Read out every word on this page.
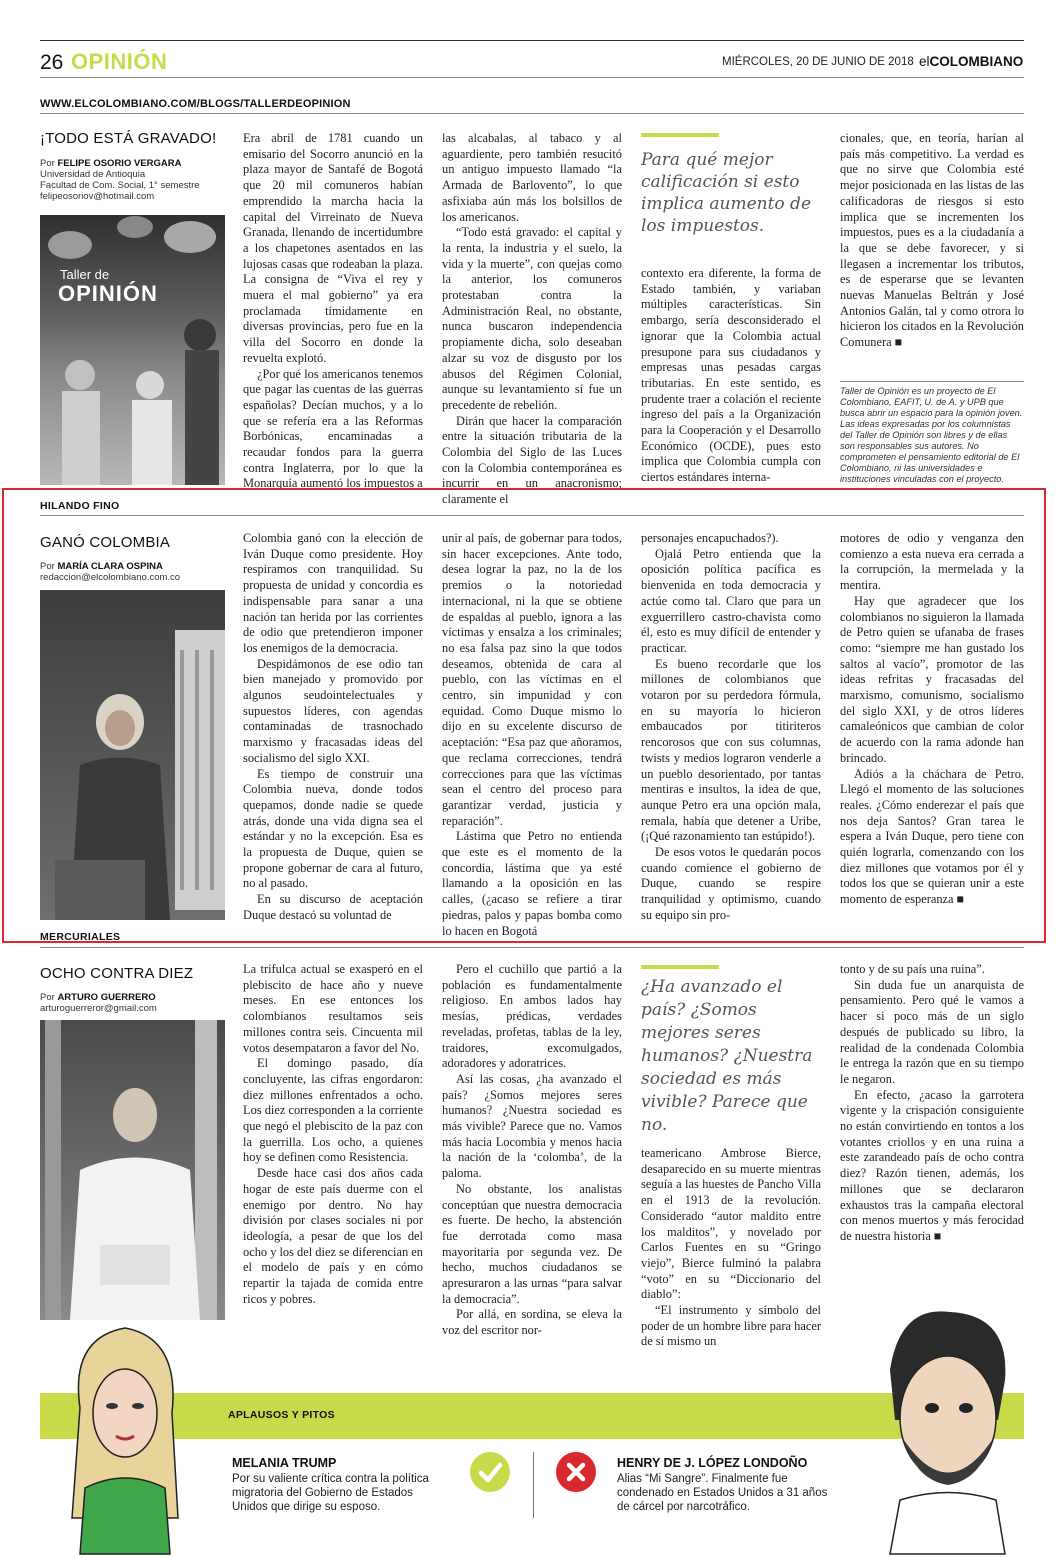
26 OPINIÓN	MIÉRCOLES, 20 DE JUNIO DE 2018 elCOLOMBIANO
WWW.ELCOLOMBIANO.COM/BLOGS/TALLERDEOPINION
¡TODO ESTÁ GRAVADO!
Por FELIPE OSORIO VERGARA
Universidad de Antioquia
Facultad de Com. Social, 1° semestre
felipeosoriov@hotmail.com
Taller de
OPINIÓN

Era abril de 1781 cuando un emisario del Socorro anunció en la plaza mayor de Santafé de Bogotá que 20 mil comuneros habían emprendido la marcha hacia la capital del Virreinato de Nueva Granada, llenando de incertidumbre a los chapetones asentados en las lujosas casas que rodeaban la plaza. La consigna de “Viva el rey y muera el mal gobierno” ya era proclamada tímidamente en diversas provincias, pero fue en la villa del Socorro en donde la revuelta explotó.

¿Por qué los americanos tenemos que pagar las cuentas de las guerras españolas? Decían muchos, y a lo que se refería era a las Reformas Borbónicas, encaminadas a recaudar fondos para la guerra contra Inglaterra, por lo que la Monarquía aumentó los impuestos a

las alcabalas, al tabaco y al aguardiente, pero también resucitó un antiguo impuesto llamado “la Armada de Barlovento”, lo que asfixiaba aún más los bolsillos de los americanos.

“Todo está gravado: el capital y la renta, la industria y el suelo, la vida y la muerte”, con quejas como la anterior, los comuneros protestaban contra la Administración Real, no obstante, nunca buscaron independencia propiamente dicha, solo deseaban alzar su voz de disgusto por los abusos del Régimen Colonial, aunque su levantamiento sí fue un precedente de rebelión.

Dirán que hacer la comparación entre la situación tributaria de la Colombia del Siglo de las Luces con la Colombia contemporánea es incurrir en un anacronismo; claramente el

Para qué mejor calificación si esto implica aumento de los impuestos.

contexto era diferente, la forma de Estado también, y variaban múltiples características. Sin embargo, sería desconsiderado el ignorar que la Colombia actual presupone para sus ciudadanos y empresas unas pesadas cargas tributarias. En este sentido, es prudente traer a colación el reciente ingreso del país a la Organización para la Cooperación y el Desarrollo Económico (OCDE), pues esto implica que Colombia cumpla con ciertos estándares interna-

cionales, que, en teoría, harían al país más competitivo. La verdad es que no sirve que Colombia esté mejor posicionada en las listas de las calificadoras de riesgos si esto implica que se incrementen los impuestos, pues es a la ciudadanía a la que se debe favorecer, y si llegasen a incrementar los tributos, es de esperarse que se levanten nuevas Manuelas Beltrán y José Antonios Galán, tal y como otrora lo hicieron los citados en la Revolución Comunera ■

Taller de Opinión es un proyecto de El Colombiano, EAFIT, U. de A. y UPB que busca abrir un espacio para la opinión joven. Las ideas expresadas por los columnistas del Taller de Opinión son libres y de ellas son responsables sus autores. No comprometen el pensamiento editorial de El Colombiano, ni las universidades e instituciones vinculadas con el proyecto.
HILANDO FINO
GANÓ COLOMBIA
Por MARÍA CLARA OSPINA
redaccion@elcolombiano.com.co

Colombia ganó con la elección de Iván Duque como presidente. Hoy respiramos con tranquilidad. Su propuesta de unidad y concordia es indispensable para sanar a una nación tan herida por las corrientes de odio que pretendieron imponer los enemigos de la democracia.

Despidámonos de ese odio tan bien manejado y promovido por algunos seudointelectuales y supuestos líderes, con agendas contaminadas de trasnochado marxismo y fracasadas ideas del socialismo del siglo XXI.

Es tiempo de construir una Colombia nueva, donde todos quepamos, donde nadie se quede atrás, donde una vida digna sea el estándar y no la excepción. Esa es la propuesta de Duque, quien se propone gobernar de cara al futuro, no al pasado.

En su discurso de aceptación Duque destacó su voluntad de

unir al país, de gobernar para todos, sin hacer excepciones. Ante todo, desea lograr la paz, no la de los premios o la notoriedad internacional, ni la que se obtiene de espaldas al pueblo, ignora a las víctimas y ensalza a los criminales; no esa falsa paz sino la que todos deseamos, obtenida de cara al pueblo, con las víctimas en el centro, sin impunidad y con equidad. Como Duque mismo lo dijo en su excelente discurso de aceptación: “Esa paz que añoramos, que reclama correcciones, tendrá correcciones para que las víctimas sean el centro del proceso para garantizar verdad, justicia y reparación”.

Lástima que Petro no entienda que este es el momento de la concordia, lástima que ya esté llamando a la oposición en las calles, (¿acaso se refiere a tirar piedras, palos y papas bomba como lo hacen en Bogotá

personajes encapuchados?).

Ojalá Petro entienda que la oposición política pacífica es bienvenida en toda democracia y actúe como tal. Claro que para un exguerrillero castro-chavista como él, esto es muy difícil de entender y practicar.

Es bueno recordarle que los millones de colombianos que votaron por su perdedora fórmula, en su mayoría lo hicieron embaucados por titiriteros rencorosos que con sus columnas, twists y medios lograron venderle a un pueblo desorientado, por tantas mentiras e insultos, la idea de que, aunque Petro era una opción mala, remala, había que detener a Uribe, (¡Qué razonamiento tan estúpido!).

De esos votos le quedarán pocos cuando comience el gobierno de Duque, cuando se respire tranquilidad y optimismo, cuando su equipo sin pro-

motores de odio y venganza den comienzo a esta nueva era cerrada a la corrupción, la mermelada y la mentira.

Hay que agradecer que los colombianos no siguieron la llamada de Petro quien se ufanaba de frases como: “siempre me han gustado los saltos al vacío”, promotor de las ideas refritas y fracasadas del marxismo, comunismo, socialismo del siglo XXI, y de otros líderes camaleónicos que cambian de color de acuerdo con la rama adonde han brincado.

Adiós a la cháchara de Petro. Llegó el momento de las soluciones reales. ¿Cómo enderezar el país que nos deja Santos? Gran tarea le espera a Iván Duque, pero tiene con quién lograrla, comenzando con los diez millones que votamos por él y todos los que se quieran unir a este momento de esperanza ■

MERCURIALES
OCHO CONTRA DIEZ
Por ARTURO GUERRERO
arturoguerreror@gmail.com

La trifulca actual se exasperó en el plebiscito de hace año y nueve meses. En ese entonces los colombianos resultamos seis millones contra seis. Cincuenta mil votos desempataron a favor del No.

El domingo pasado, día concluyente, las cifras engordaron: diez millones enfrentados a ocho. Los diez corresponden a la corriente que negó el plebiscito de la paz con la guerrilla. Los ocho, a quienes hoy se definen como Resistencia.

Desde hace casi dos años cada hogar de este país duerme con el enemigo por dentro. No hay división por clases sociales ni por ideología, a pesar de que los del ocho y los del diez se diferencian en el modelo de país y en cómo repartir la tajada de comida entre ricos y pobres.

Pero el cuchillo que partió a la población es fundamentalmente religioso. En ambos lados hay mesías, prédicas, verdades reveladas, profetas, tablas de la ley, traidores, excomulgados, adoradores y adoratrices.

Así las cosas, ¿ha avanzado el país? ¿Somos mejores seres humanos? ¿Nuestra sociedad es más vivible? Parece que no. Vamos más hacia Locombia y menos hacia la nación de la ‘colomba’, de la paloma.

No obstante, los analistas conceptúan que nuestra democracia es fuerte. De hecho, la abstención fue derrotada como masa mayoritaria por segunda vez. De hecho, muchos ciudadanos se apresuraron a las urnas “para salvar la democracia”.

Por allá, en sordina, se eleva la voz del escritor nor-

¿Ha avanzado el país? ¿Somos mejores seres humanos? ¿Nuestra sociedad es más vivible? Parece que no.

teamericano Ambrose Bierce, desaparecido en su muerte mientras seguía a las huestes de Pancho Villa en el 1913 de la revolución. Considerado “autor maldito entre los malditos”, y novelado por Carlos Fuentes en su “Gringo viejo”, Bierce fulminó la palabra “voto” en su “Diccionario del diablo”:

“El instrumento y símbolo del poder de un hombre libre para hacer de sí mismo un

tonto y de su país una ruina”.

Sin duda fue un anarquista de pensamiento. Pero qué le vamos a hacer si poco más de un siglo después de publicado su libro, la realidad de la condenada Colombia le entrega la razón que en su tiempo le negaron.

En efecto, ¿acaso la garrotera vigente y la crispación consiguiente no están convirtiendo en tontos a los votantes criollos y en una ruina a este zarandeado país de ocho contra diez? Razón tienen, además, los millones que se declararon exhaustos tras la campaña electoral con menos muertos y más ferocidad de nuestra historia ■

APLAUSOS Y PITOS
MELANIA TRUMP
Por su valiente crítica contra la política migratoria del Gobierno de Estados Unidos que dirige su esposo.
HENRY DE J. LÓPEZ LONDOÑO
Alias “Mi Sangre”. Finalmente fue condenado en Estados Unidos a 31 años de cárcel por narcotráfico.
